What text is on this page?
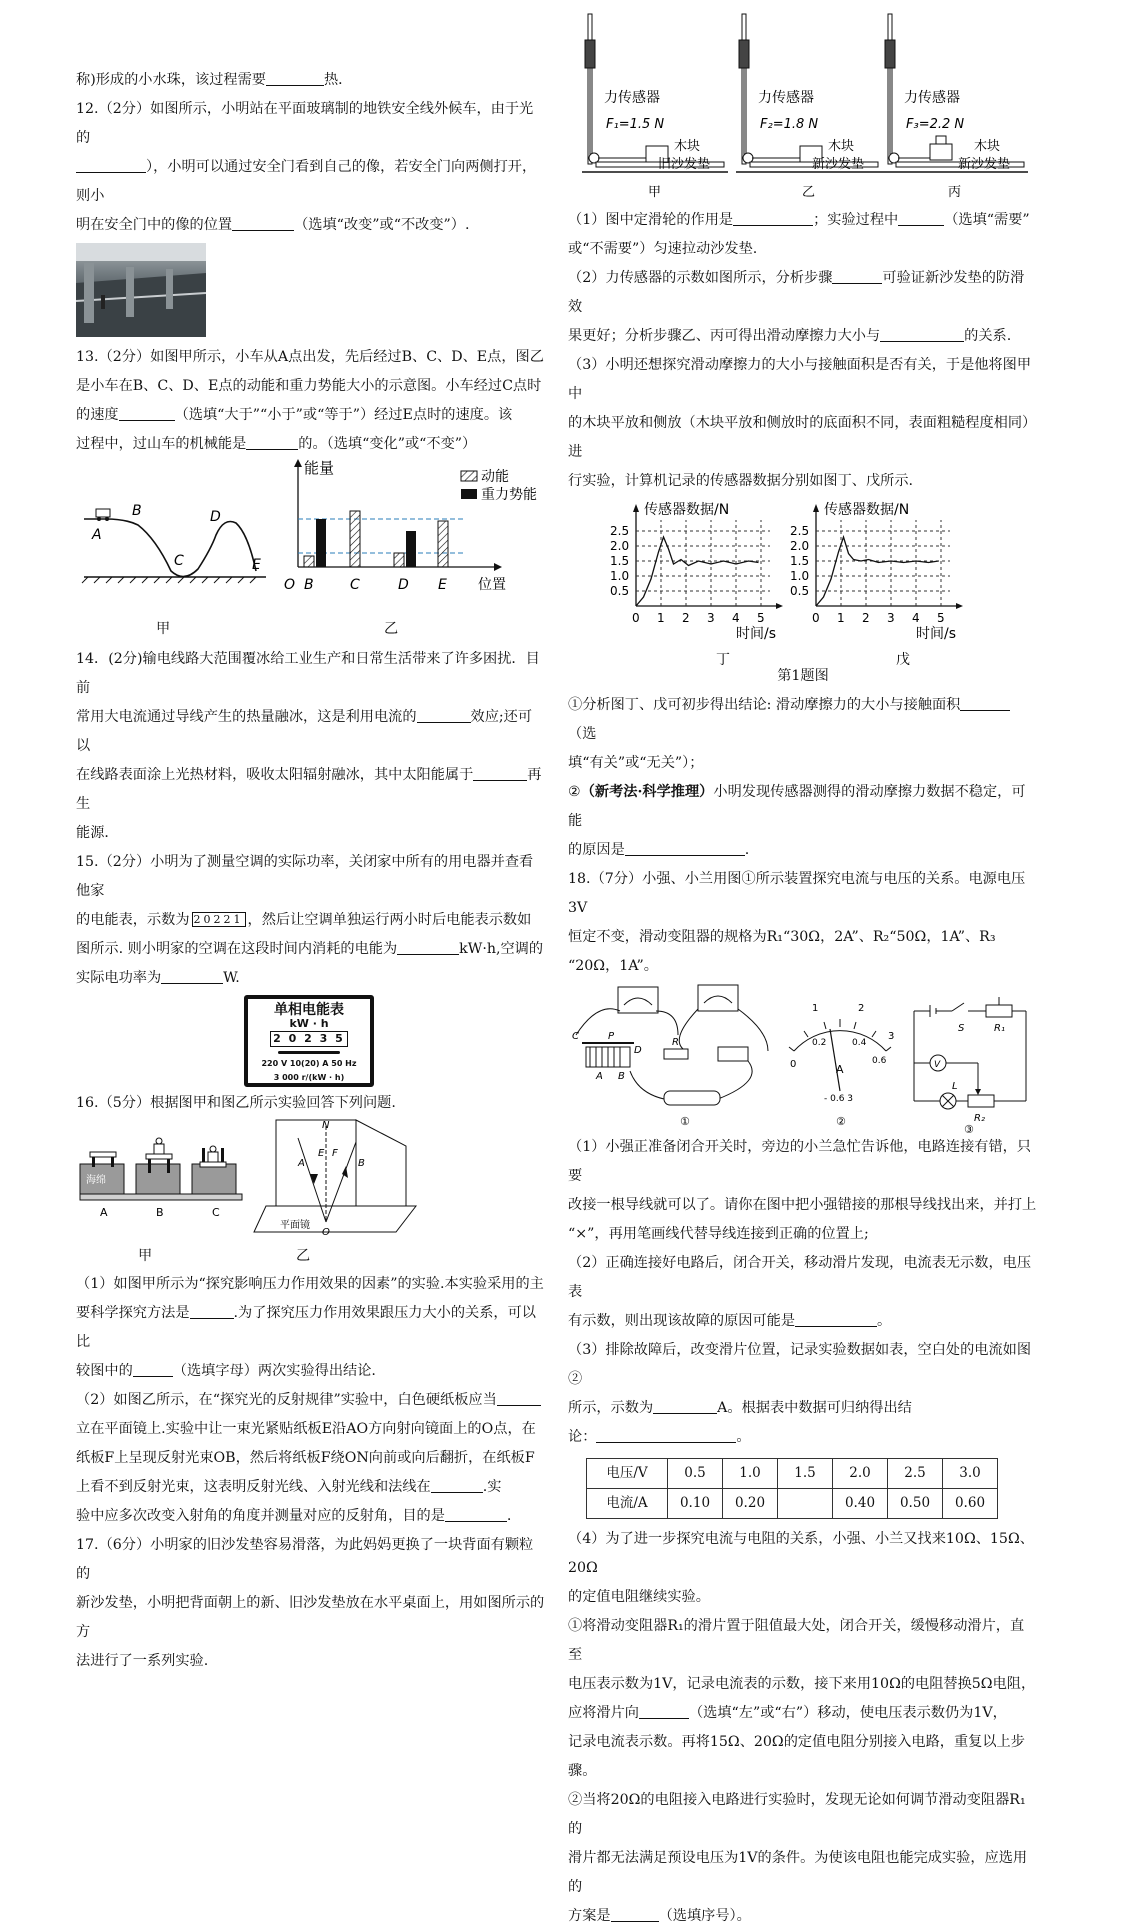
称)形成的小水珠，该过程需要	热．

12.（2分）如图所示，小明站在平面玻璃制的地铁安全线外候车，由于光的

），小明可以通过安全门看到自己的像，若安全门向两侧打开，则小

明在安全门中的像的位置	（选填“改变”或“不改变”）.

13.（2分）如图甲所示，小车从A点出发，先后经过B、C、D、E点，图乙

是小车在B、C、D、E点的动能和重力势能大小的示意图。小车经过C点时

的速度	（选填“大于”“小于”或“等于”）经过E点时的速度。该

过程中，过山车的机械能是	的。（选填“变化”或“不变”）

A
B
C
D
E
能量	动能
重力势能
O B	C	D E 位置
甲	乙

14．(2分)输电线路大范围覆冰给工业生产和日常生活带来了许多困扰．目前

常用大电流通过导线产生的热量融冰，这是利用电流的	效应;还可以

在线路表面涂上光热材料，吸收太阳辐射融冰，其中太阳能属于	再生

能源．

15.（2分）小明为了测量空调的实际功率，关闭家中所有的用电器并查看他家

的电能表，示数为 20221 ，然后让空调单独运行两小时后电能表示数如

图所示. 则小明家的空调在这段时间内消耗的电能为	kW·h,空调的

实际电功率为	W.

单相电能表
kW · h
2 0 2 3 5
220 V 10(20) A 50 Hz
3 000 r/(kW · h)

16.（5分）根据图甲和图乙所示实验回答下列问题.

海绵
A	B	C
N
E F
A	B
O
平面镜
甲	乙

（1）如图甲所示为“探究影响压力作用效果的因素”的实验.本实验采用的主

要科学探究方法是	.为了探究压力作用效果跟压力大小的关系，可以比

较图中的	（选填字母）两次实验得出结论.

（2）如图乙所示，在“探究光的反射规律”实验中，白色硬纸板应当

立在平面镜上.实验中让一束光紧贴纸板E沿AO方向射向镜面上的O点，在

纸板F上呈现反射光束OB，然后将纸板F绕ON向前或向后翻折，在纸板F

上看不到反射光束，这表明反射光线、入射光线和法线在	.实

验中应多次改变入射角的角度并测量对应的反射角，目的是	.

17.（6分）小明家的旧沙发垫容易滑落，为此妈妈更换了一块背面有颗粒的

新沙发垫，小明把背面朝上的新、旧沙发垫放在水平桌面上，用如图所示的方

法进行了一系列实验.

力传感器
F₁=1.5 N
木块
旧沙发垫
甲
力传感器
F₂=1.8 N
木块
新沙发垫
乙
力传感器
F₃=2.2 N
木块
新沙发垫
丙

（1）图中定滑轮的作用是	；实验过程中	（选填“需要”

或“不需要”）匀速拉动沙发垫.

（2）力传感器的示数如图所示，分析步骤	可验证新沙发垫的防滑效

果更好；分析步骤乙、丙可得出滑动摩擦力大小与	的关系.

（3）小明还想探究滑动摩擦力的大小与接触面积是否有关，于是他将图甲中

的木块平放和侧放（木块平放和侧放时的底面积不同，表面粗糙程度相同）进

行实验，计算机记录的传感器数据分别如图丁、戊所示.

传感器数据/N
0.5
1.0
1.5
2.0
2.5
0 1 2 3 4 5
时间/s
丁
传感器数据/N
0.5
1.0
1.5
2.0
2.5
0 1 2 3 4 5
时间/s
戊

第1题图

①分析图丁、戊可初步得出结论: 滑动摩擦力的大小与接触面积（选

填“有关”或“无关”）；

②（新考法·科学推理）小明发现传感器测得的滑动摩擦力数据不稳定，可能

的原因是	.

18.（7分）小强、小兰用图①所示装置探究电流与电压的关系。电源电压3V

恒定不变，滑动变阻器的规格为R₁“30Ω，2A”、R₂“50Ω，1A”、R₃

“20Ω，1A”。

C	P
D
A B
R
①
1	2
0
0.2	0.4
0.6
3
A
- 0.6 3
②
V
S	R₁
L
R₂
③

（1）小强正准备闭合开关时，旁边的小兰急忙告诉他，电路连接有错，只要

改接一根导线就可以了。请你在图中把小强错接的那根导线找出来，并打上

“×”，再用笔画线代替导线连接到正确的位置上;

（2）正确连接好电路后，闭合开关，移动滑片发现，电流表无示数，电压表

有示数，则出现该故障的原因可能是	。

（3）排除故障后，改变滑片位置，记录实验数据如表，空白处的电流如图②

所示，示数为	A。根据表中数据可归纳得出结

论：	。

电压/V	0.5	1.0	1.5	2.0	2.5	3.0
电流/A	0.10	0.20		0.40	0.50	0.60

（4）为了进一步探究电流与电阻的关系，小强、小兰又找来10Ω、15Ω、20Ω

的定值电阻继续实验。

①将滑动变阻器R₁的滑片置于阻值最大处，闭合开关，缓慢移动滑片，直至

电压表示数为1V，记录电流表的示数，接下来用10Ω的电阻替换5Ω电阻，

应将滑片向	（选填“左”或“右”）移动，使电压表示数仍为1V，

记录电流表示数。再将15Ω、20Ω的定值电阻分别接入电路，重复以上步骤。

②当将20Ω的电阻接入电路进行实验时，发现无论如何调节滑动变阻器R₁的

滑片都无法满足预设电压为1V的条件。为使该电阻也能完成实验，应选用的

方案是	（选填序号）。
